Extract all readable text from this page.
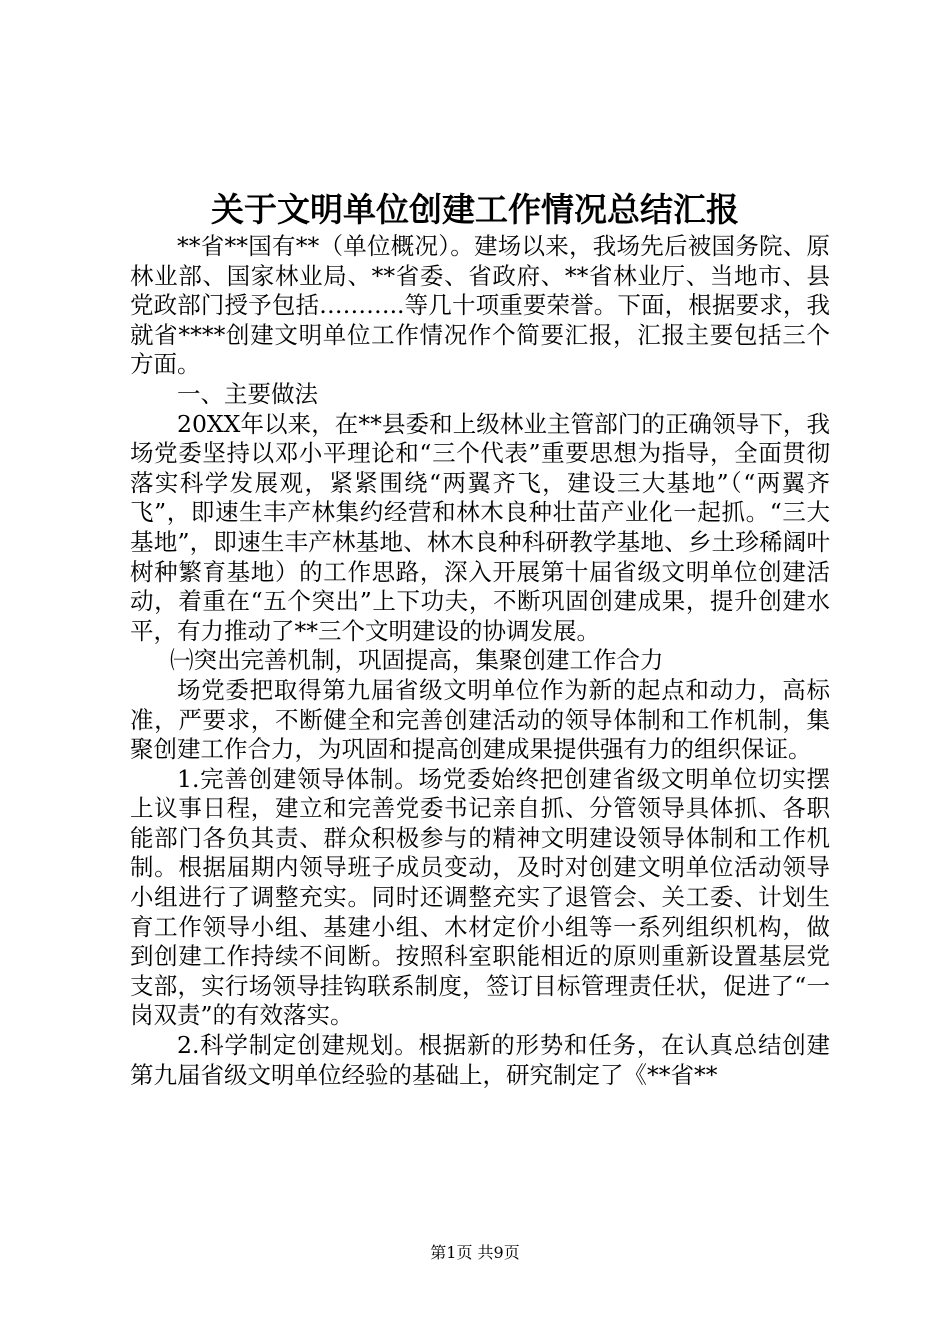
关于文明单位创建工作情况总结汇报

**省**国有**（单位概况）。建场以来，我场先后被国务院、原林业部、国家林业局、**省委、省政府、**省林业厅、当地市、县党政部门授予包括………..等几十项重要荣誉。下面，根据要求，我就省****创建文明单位工作情况作个简要汇报，汇报主要包括三个方面。

一、主要做法

20XX年以来，在**县委和上级林业主管部门的正确领导下，我场党委坚持以邓小平理论和“三个代表”重要思想为指导，全面贯彻落实科学发展观，紧紧围绕“两翼齐飞，建设三大基地”（“两翼齐飞”，即速生丰产林集约经营和林木良种壮苗产业化一起抓。“三大基地”，即速生丰产林基地、林木良种科研教学基地、乡土珍稀阔叶树种繁育基地）的工作思路，深入开展第十届省级文明单位创建活动，着重在“五个突出”上下功夫，不断巩固创建成果，提升创建水平，有力推动了**三个文明建设的协调发展。

㈠突出完善机制，巩固提高，集聚创建工作合力

场党委把取得第九届省级文明单位作为新的起点和动力，高标准，严要求，不断健全和完善创建活动的领导体制和工作机制，集聚创建工作合力，为巩固和提高创建成果提供强有力的组织保证。

1.完善创建领导体制。场党委始终把创建省级文明单位切实摆上议事日程，建立和完善党委书记亲自抓、分管领导具体抓、各职能部门各负其责、群众积极参与的精神文明建设领导体制和工作机制。根据届期内领导班子成员变动，及时对创建文明单位活动领导小组进行了调整充实。同时还调整充实了退管会、关工委、计划生育工作领导小组、基建小组、木材定价小组等一系列组织机构，做到创建工作持续不间断。按照科室职能相近的原则重新设置基层党支部，实行场领导挂钩联系制度，签订目标管理责任状，促进了“一岗双责”的有效落实。

2.科学制定创建规划。根据新的形势和任务，在认真总结创建第九届省级文明单位经验的基础上，研究制定了《**省**

第1页 共9页
